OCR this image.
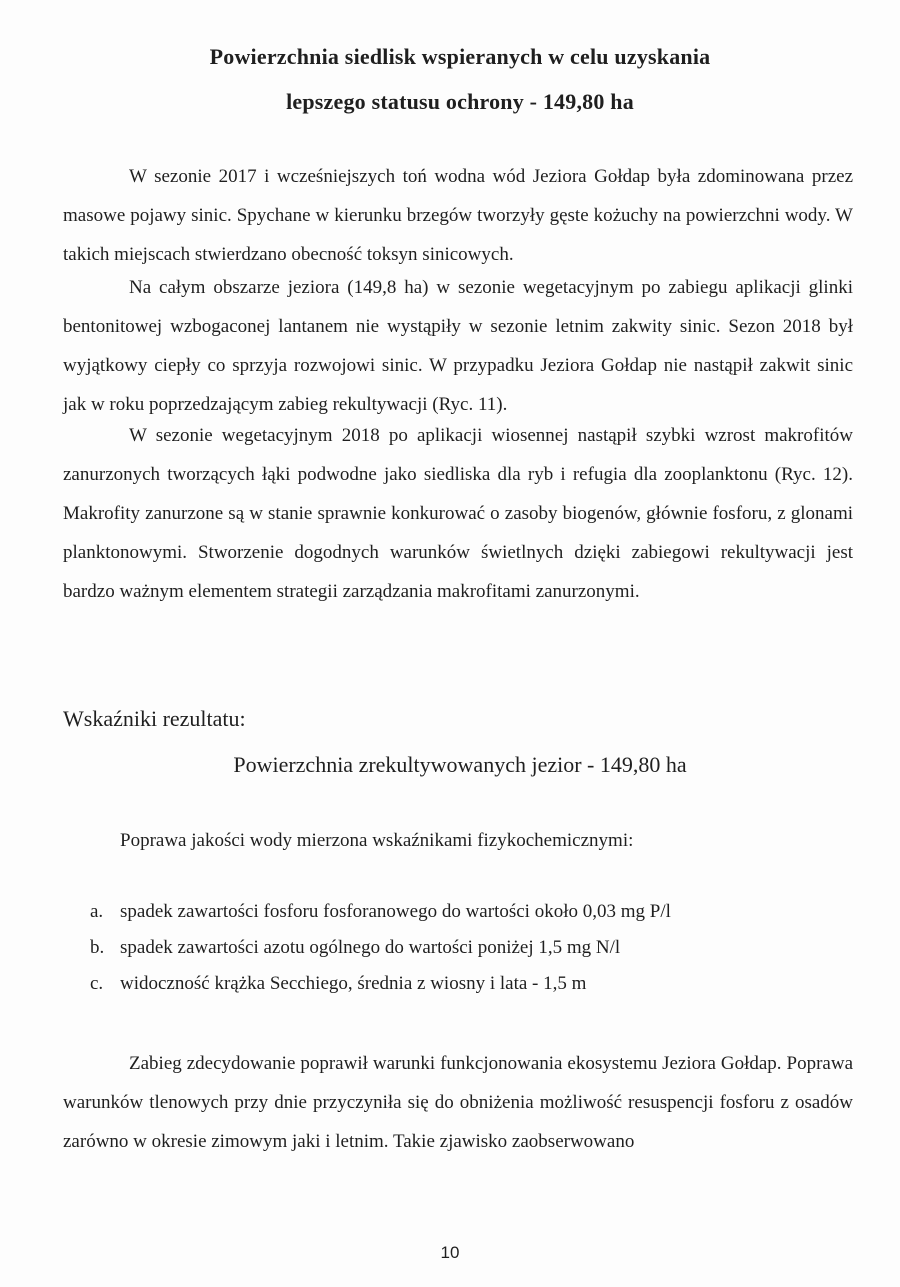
Powierzchnia siedlisk wspieranych w celu uzyskania
lepszego statusu ochrony - 149,80 ha
W sezonie 2017 i wcześniejszych toń wodna wód Jeziora Gołdap była zdominowana przez masowe pojawy sinic. Spychane w kierunku brzegów tworzyły gęste kożuchy na powierzchni wody. W takich miejscach stwierdzano obecność toksyn sinicowych.
Na całym obszarze jeziora (149,8 ha) w sezonie wegetacyjnym po zabiegu aplikacji glinki bentonitowej wzbogaconej lantanem nie wystąpiły w sezonie letnim zakwity sinic. Sezon 2018 był wyjątkowy ciepły co sprzyja rozwojowi sinic. W przypadku Jeziora Gołdap nie nastąpił zakwit sinic jak w roku poprzedzającym zabieg rekultywacji (Ryc. 11).
W sezonie wegetacyjnym 2018 po aplikacji wiosennej nastąpił szybki wzrost makrofitów zanurzonych tworzących łąki podwodne jako siedliska dla ryb i refugia dla zooplanktonu (Ryc. 12). Makrofity zanurzone są w stanie sprawnie konkurować o zasoby biogenów, głównie fosforu, z glonami planktonowymi. Stworzenie dogodnych warunków świetlnych dzięki zabiegowi rekultywacji jest bardzo ważnym elementem strategii zarządzania makrofitami zanurzonymi.
Wskaźniki rezultatu:
Powierzchnia zrekultywowanych jezior - 149,80 ha
Poprawa jakości wody mierzona wskaźnikami fizykochemicznymi:
a. spadek zawartości fosforu fosforanowego do wartości około 0,03 mg P/l
b. spadek zawartości azotu ogólnego do wartości poniżej 1,5 mg N/l
c. widoczność krążka Secchiego, średnia z wiosny i lata - 1,5 m
Zabieg zdecydowanie poprawił warunki funkcjonowania ekosystemu Jeziora Gołdap. Poprawa warunków tlenowych przy dnie przyczyniła się do obniżenia możliwość resuspencji fosforu z osadów zarówno w okresie zimowym jaki i letnim. Takie zjawisko zaobserwowano
10
